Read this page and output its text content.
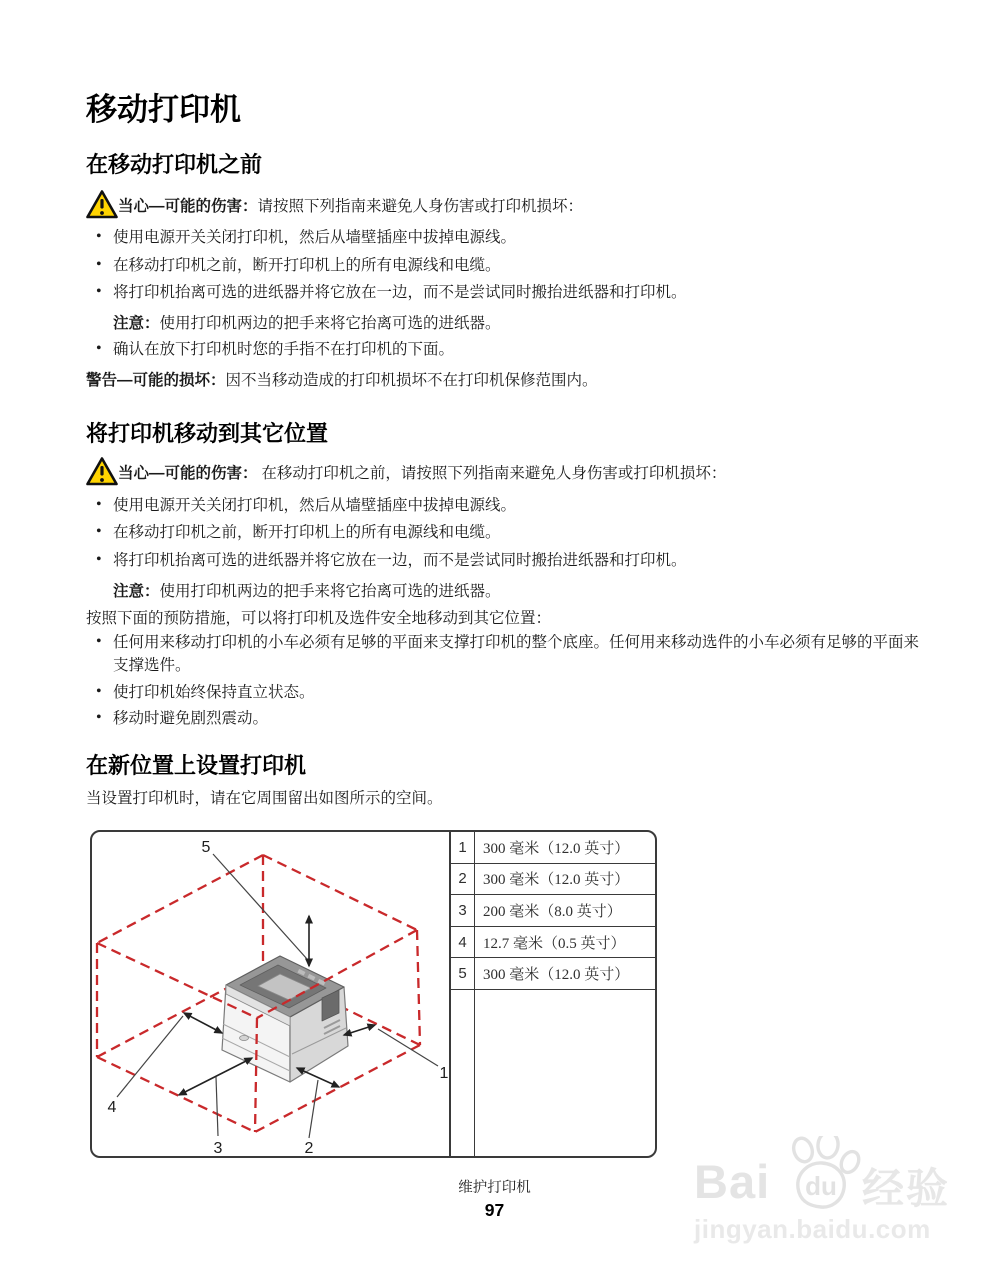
移动打印机
在移动打印机之前
当心—可能的伤害：请按照下列指南来避免人身伤害或打印机损坏：
• 使用电源开关关闭打印机，然后从墙壁插座中拔掉电源线。
• 在移动打印机之前，断开打印机上的所有电源线和电缆。
• 将打印机抬离可选的进纸器并将它放在一边，而不是尝试同时搬抬进纸器和打印机。
注意：使用打印机两边的把手来将它抬离可选的进纸器。
• 确认在放下打印机时您的手指不在打印机的下面。
警告—可能的损坏：因不当移动造成的打印机损坏不在打印机保修范围内。
将打印机移动到其它位置
当心—可能的伤害： 在移动打印机之前，请按照下列指南来避免人身伤害或打印机损坏：
• 使用电源开关关闭打印机，然后从墙壁插座中拔掉电源线。
• 在移动打印机之前，断开打印机上的所有电源线和电缆。
• 将打印机抬离可选的进纸器并将它放在一边，而不是尝试同时搬抬进纸器和打印机。
注意：使用打印机两边的把手来将它抬离可选的进纸器。
按照下面的预防措施，可以将打印机及选件安全地移动到其它位置：
• 任何用来移动打印机的小车必须有足够的平面来支撑打印机的整个底座。任何用来移动选件的小车必须有足够的平面来支撑选件。
• 使打印机始终保持直立状态。
• 移动时避免剧烈震动。
在新位置上设置打印机
当设置打印机时，请在它周围留出如图所示的空间。
5
1
4
3	2
1	300 毫米（12.0 英寸）
2	300 毫米（12.0 英寸）
3	200 毫米（8.0 英寸）
4	12.7 毫米（0.5 英寸）
5	300 毫米（12.0 英寸）
维护打印机
97
Bai du 经验
jingyan.baidu.com
